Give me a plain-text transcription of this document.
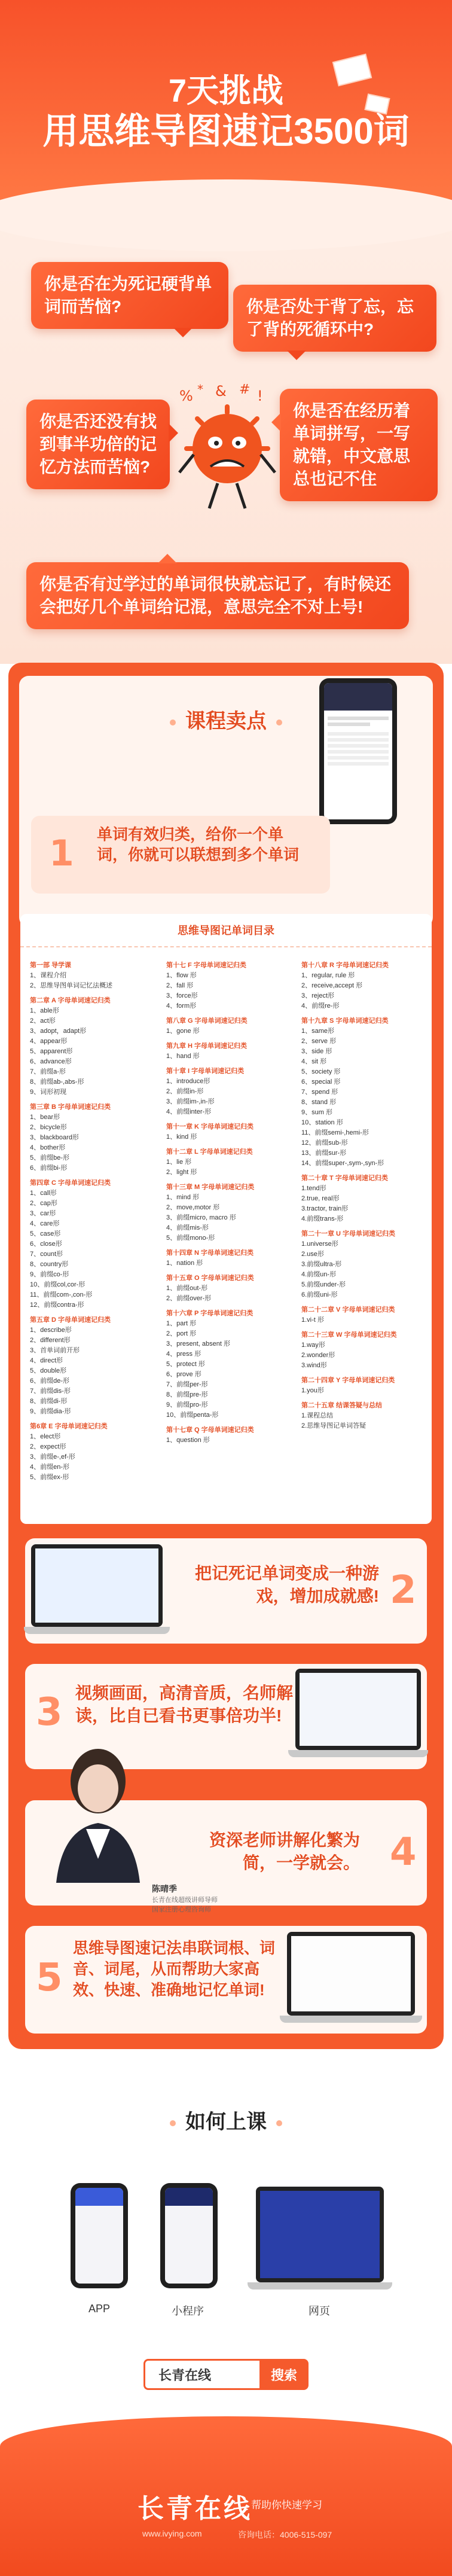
7天挑战
用思维导图速记3500词
你是否在为死记硬背单词而苦恼?	你是否处于背了忘，忘了背的死循环中?
你是否还没有找到事半功倍的记忆方法而苦恼?
你是否在经历着单词拼写，一写就错，中文意思总也记不住
你是否有过学过的单词很快就忘记了，有时候还会把好几个单词给记混，意思完全不对上号!
% * & # !
课程卖点
1 单词有效归类，给你一个单词，你就可以联想到多个单词
思维导图记单词目录
第一部 导学课
1、课程介绍
2、思维导图单词记忆法概述
第二章 A 字母单词速记归类
1、able形
2、act形
3、adopt，adapt形
4、appear形
5、apparent形
6、advance形
7、前缀a-形
8、前缀ab-,abs-形
9、词形初现
第三章 B 字母单词速记归类
1、bear形
2、bicycle形
3、blackboard形
4、bother形
5、前缀be-形
6、前缀bi-形
第四章 C 字母单词速记归类
1、call形
2、cap形
3、car形
4、care形
5、case形
6、close形
7、count形
8、country形
9、前缀co-形
10、前缀col,cor-形
11、前缀com-,con-形
12、前缀contra-形
第五章 D 字母单词速记归类
1、describe形
2、different形
3、首单词前开形
4、direct形
5、double形
6、前缀de-形
7、前缀dis-形
8、前缀di-形
9、前缀dia-形
第6章 E 字母单词速记归类
1、elect形
2、expect形
3、前缀e-,ef-形
4、前缀en-形
5、前缀ex-形
第十七 F 字母单词速记归类
1、flow 形
2、fall 形
3、force形
4、form形
第八章 G 字母单词速记归类
1、gone 形
第九章 H 字母单词速记归类
1、hand 形
第十章 I 字母单词速记归类
1、introduce形
2、前缀in-形
3、前缀im-,in-形
4、前缀inter-形
第十一章 K 字母单词速记归类
1、kind 形
第十二章 L 字母单词速记归类
1、lie 形
2、light 形
第十三章 M 字母单词速记归类
1、mind 形
2、move,motor 形
3、前缀micro, macro 形
4、前缀mis-形
5、前缀mono-形
第十四章 N 字母单词速记归类
1、nation 形
第十五章 O 字母单词速记归类
1、前缀out-形
2、前缀over-形
第十六章 P 字母单词速记归类
1、part 形
2、port 形
3、present, absent 形
4、press 形
5、protect 形
6、prove 形
7、前缀per-形
8、前缀pre-形
9、前缀pro-形
10、前缀penta-形
第十七章 Q 字母单词速记归类
1、question 形
第十八章 R 字母单词速记归类
1、regular, rule 形
2、receive,accept 形
3、reject形
4、前缀re-形
第十九章 S 字母单词速记归类
1、same形
2、serve 形
3、side 形
4、sit 形
5、society 形
6、special 形
7、spend 形
8、stand 形
9、sum 形
10、station 形
11、前缀semi-,hemi-形
12、前缀sub-形
13、前缀sur-形
14、前缀super-,sym-,syn-形
第二十章 T 字母单词速记归类
1.tend形
2.true, real形
3.tractor, train形
4.前缀trans-形
第二十一章 U 字母单词速记归类
1.universe形
2.use形
3.前缀ultra-形
4.前缀un-形
5.前缀under-形
6.前缀uni-形
第二十二章 V 字母单词速记归类
1.vi-t 形
第二十三章 W 字母单词速记归类
1.way形
2.wonder形
3.wind形
第二十四章 Y 字母单词速记归类
1.you形
第二十五章 结课答疑与总结
1.课程总结
2.思维导图记单词答疑
把记死记单词变成一种游戏，增加成就感! 2
3 视频画面，高清音质，名师解读，比自已看书更事倍功半!
资深老师讲解化繁为简，一学就会。 4
陈晴季
长青在线超级讲师导师
国家注册心理咨询师
5
思维导图速记法串联词根、词音、词尾，从而帮助大家高效、快速、准确地记忆单词!
如何上课
APP	小程序	网页
长青在线
搜索
长青在线
帮助你快速学习
www.ivying.com	咨询电话：4006-515-097
